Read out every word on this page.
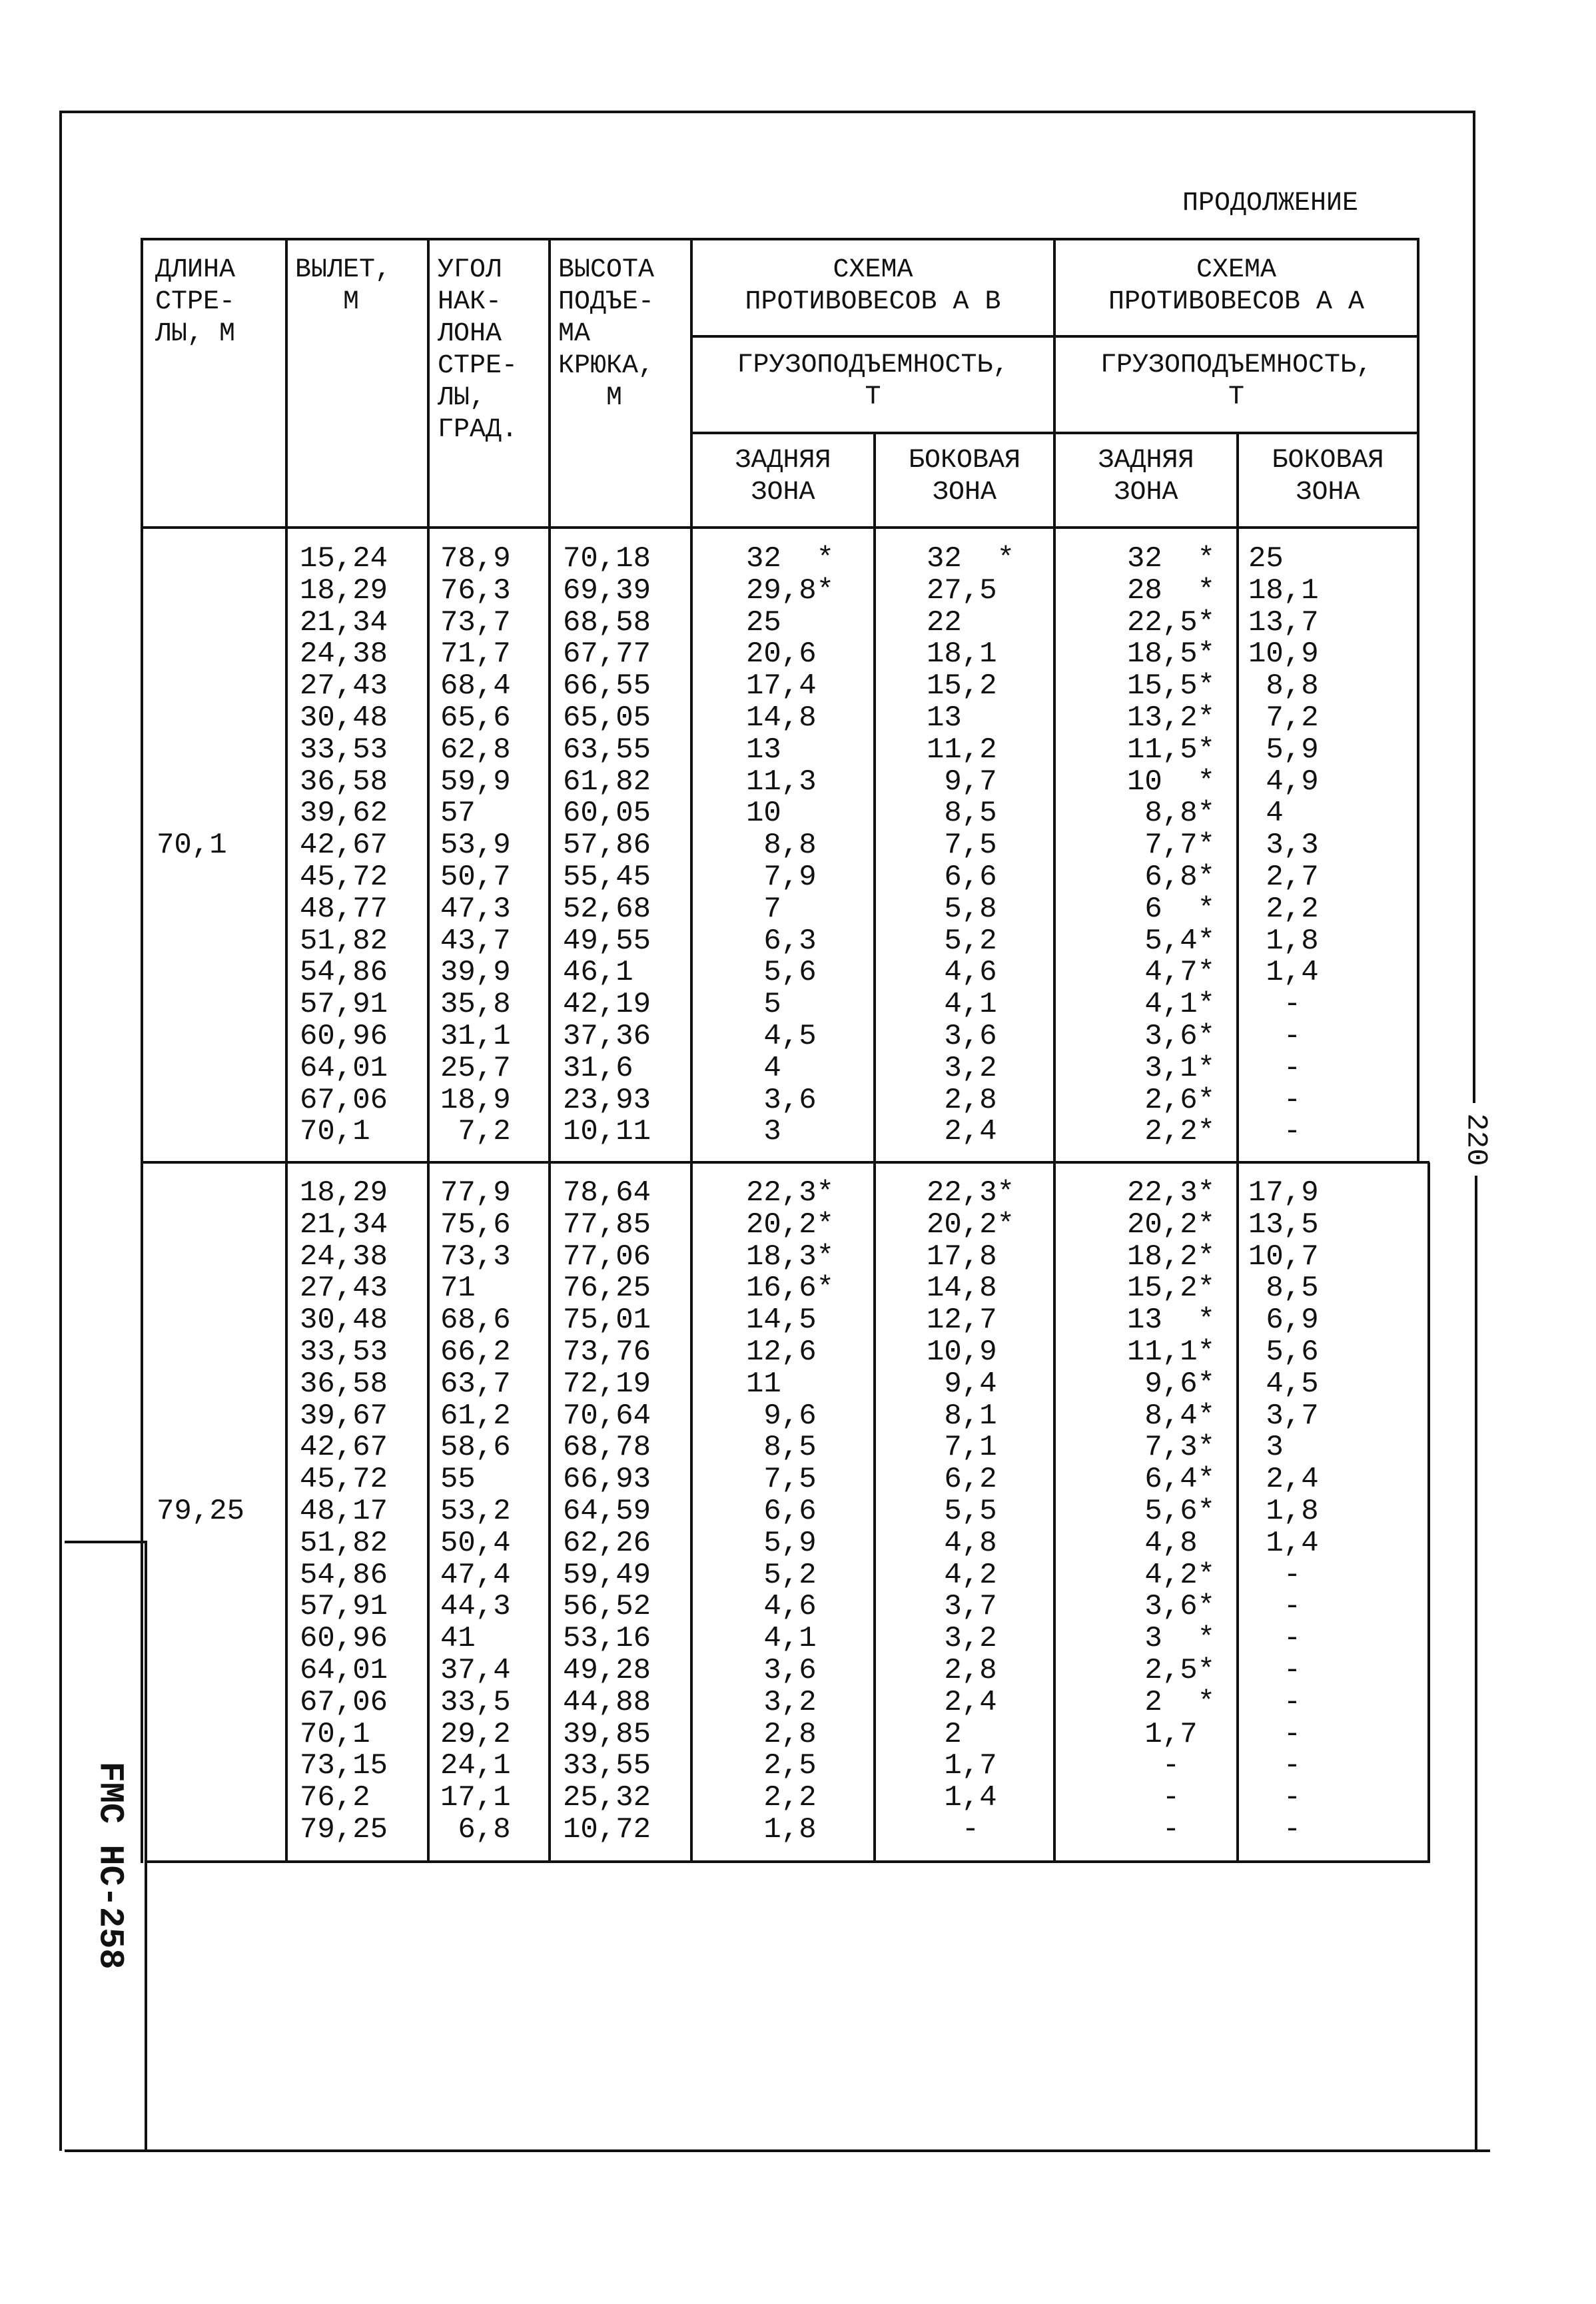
ПРОДОЛЖЕНИЕ
220
FMC HC-258
ДЛИНА
СТРЕ-
ЛЫ, М
ВЫЛЕТ,
М
УГОЛ
НАК-
ЛОНА
СТРЕ-
ЛЫ,
ГРАД.
ВЫСОТА
ПОДЪЕ-
МА
КРЮКА,
М
СХЕМА
ПРОТИВОВЕСОВ А В
СХЕМА
ПРОТИВОВЕСОВ А А
ГРУЗОПОДЪЕМНОСТЬ,
Т
ГРУЗОПОДЪЕМНОСТЬ,
Т
ЗАДНЯЯ
ЗОНА
БОКОВАЯ
ЗОНА
ЗАДНЯЯ
ЗОНА
БОКОВАЯ
ЗОНА
70,1
15,24
18,29
21,34
24,38
27,43
30,48
33,53
36,58
39,62
42,67
45,72
48,77
51,82
54,86
57,91
60,96
64,01
67,06
70,1
78,9
76,3
73,7
71,7
68,4
65,6
62,8
59,9
57
53,9
50,7
47,3
43,7
39,9
35,8
31,1
25,7
18,9
7,2
70,18
69,39
68,58
67,77
66,55
65,05
63,55
61,82
60,05
57,86
55,45
52,68
49,55
46,1
42,19
37,36
31,6
23,93
10,11
32  *
29,8*
25
20,6
17,4
14,8
13
11,3
10
8,8
7,9
7
6,3
5,6
5
4,5
4
3,6
3
32  *
27,5
22
18,1
15,2
13
11,2
9,7
8,5
7,5
6,6
5,8
5,2
4,6
4,1
3,6
3,2
2,8
2,4
32  *
28  *
22,5*
18,5*
15,5*
13,2*
11,5*
10  *
8,8*
7,7*
6,8*
6  *
5,4*
4,7*
4,1*
3,6*
3,1*
2,6*
2,2*
25
18,1
13,7
10,9
8,8
7,2
5,9
4,9
4
3,3
2,7
2,2
1,8
1,4
-
-
-
-
-
79,25
18,29
21,34
24,38
27,43
30,48
33,53
36,58
39,67
42,67
45,72
48,17
51,82
54,86
57,91
60,96
64,01
67,06
70,1
73,15
76,2
79,25
77,9
75,6
73,3
71
68,6
66,2
63,7
61,2
58,6
55
53,2
50,4
47,4
44,3
41
37,4
33,5
29,2
24,1
17,1
6,8
78,64
77,85
77,06
76,25
75,01
73,76
72,19
70,64
68,78
66,93
64,59
62,26
59,49
56,52
53,16
49,28
44,88
39,85
33,55
25,32
10,72
22,3*
20,2*
18,3*
16,6*
14,5
12,6
11
9,6
8,5
7,5
6,6
5,9
5,2
4,6
4,1
3,6
3,2
2,8
2,5
2,2
1,8
22,3*
20,2*
17,8
14,8
12,7
10,9
9,4
8,1
7,1
6,2
5,5
4,8
4,2
3,7
3,2
2,8
2,4
2
1,7
1,4
-
22,3*
20,2*
18,2*
15,2*
13  *
11,1*
9,6*
8,4*
7,3*
6,4*
5,6*
4,8
4,2*
3,6*
3  *
2,5*
2  *
1,7
-
-
-
17,9
13,5
10,7
8,5
6,9
5,6
4,5
3,7
3
2,4
1,8
1,4
-
-
-
-
-
-
-
-
-
